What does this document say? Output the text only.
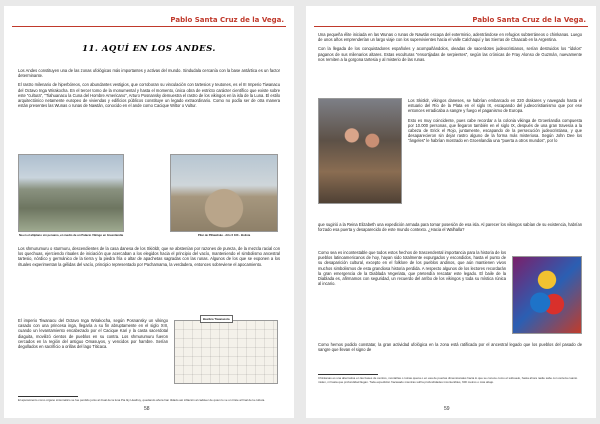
Pablo Santa Cruz de la Vega.
11. AQUÍ EN LOS ANDES.

Los Andes constituyen una de las zonas ufológicas más importantes y activas del mundo. Sindudala cercanía con la base antártica es un factor determinante.

El rastro milenario de hiperbóreos, con abundantes vestigios, que corroboran su vinculación con tartesios y teutones, es el III Imperio Tiwanacu del Octavo Inga Wirakocha. En el tercer tomo de la monumental y hasta el momento, única obra de estricto carácter científico que existe sobre este "cultura", "Tiahuanacu la Cuna del Hombre Americano", Arturo Posnansky demuestra el rastro de los vikingos en la isla de la Luna. El estilo arquitectónico netamente europeo de viviendas y edificios públicos constituye un legado extraordinario. Como no podía ser de otra manera están presentes las Wunas o runas de Nawtán, conocido en el ande como Cacique Wiltor o Vultur.

Na en el altiplano sin peruano, en medio de un Palacio Vikingo en Greenlandia	Pilar de Pillawilske - Año 6 163 - Bolivia

Los shmurumuru o sturmuru, descendientes de la casa danesa de los Skiöldr, que se abstenían por razones de pureza, de la mezcla racial con los quechuas, ejerciendo rituales de iniciación que acercaban a los elegidos hacia el principio del vacío, manteniendo el simbolismo ancestral tartesio, nórdico y germánico de la tierra y la piedra fría o altar de apachetas sagradas con las runas. Algunos de los que se exponen a los rituales experimentan la gélidas del vacío, principio representado por Pachamama, la verdadera, entonces sobreviene el apocamiento.

El imperio Tiwanacu del Octavo Inga Wirakocha, según Posnansky un vikingo casado con una princesa inga, llegaría a su fin abruptamente en el siglo XIII, cuando un levantamiento encabezado por el Cacique Kari y la casta sacerdotal diaguita, movilizó cientos de pueblos en su contra. Los shmurumuru fueron cercados en la región del antiguo Omasuyos, y vencidos por hambre. Serían degollados en sacrificio a orillas del lago Titicaca.

Basílica Tiwanacota
El apuramiento como órgano sintomático se fue perdido junto al ritual de la luna Pia Iky Huaihuy, quedando ahora han tildado así inflación al cadáver de quien lo ve un triste al final de la cultura.
58
Pablo Santa Cruz de la Vega.

Una pequeña élite iniciada en las Wunas o runas de Nawtán escapa del exterminio, adentrándose en refugios subterráneos o chinkanas. Luego de unos años emprenderían un largo viaje con los supervivientes hacia el valle Calchaquí y las Sierras de Chaacab en la Argentina.

Con la llegada de los conquistadores españoles y acompañándolos, oleadas de sacerdotes judeocristianos, serían destruidos los "ídolos" paganos de sus milenarios altares. Estas esculturas "ensortijadas de serpientes", según las crónicas de Fray Alonso de Guzmán, nuevamente nos remiten a la gorgona tartesia y al misterio de las runas.

Los Skiöldr, vikingos daneses, se habrían embarcado en 220 drakares y navegado hasta el estuario del Río de la Plata en el siglo IX, escapando del judeocristianismo que por ese entonces erradicaba a sangre y fuego el paganismo de Europa.

Esto es muy coincidente, pues cabe recordar a la colonia vikinga de Groenlandia compuesta por 10.000 personas, que llegaron también en el siglo IX, después de una gran travesía a la cabeza de Erick el Rojo, juntamente, escapando de la persecución judeocristiana, y que desaparecieron sin dejar rastro alguno de la forma más misteriosa. Según John Dee los "ángeles" le habrían mostrado en Groenlandia una "puerta a otros mundos", por lo

que sugirió a la Reina Elizabeth una expedición armada para tomar posesión de esa isla. Al parecer los vikingos sabían de su existencia, habrían forzado esa puerta y desaparecido de este mundo contexto. ¿Hacia el Walhalla?

Como sea es incontestable que todos estos hechos de trascendental importancia para la historia de los pueblos latinoamericanos de hoy, hayan sido totalmente expurgados y escondidos, hasta el punto de su desaparición cultural, excepto en el folklore de los pueblos andinos, que aún mantienen vivos muchos simbolismos de esta grandiosa historia perdida. A respecto algunos de los lectores recordarán la gran emergencia de la Diablada Vegeriata, que pretendía rescatar este legado. El baile de la Diablada es, afirmamos con seguridad, un recuerdo del arribo de los vikingos y toda su mística rúnica al incario.

Como hemos podido constatar, la gran actividad ufológica en la zona está ratificada por el ancestral legado que los pueblos del pasado de sangre que llevan el signo de

Chinkanas es una alternativa en las bases de centros, montañas o ruinas quena o en esa de puertas dimensionales hacia lo que se conoce como el subsuelo, hasta ahora nadie sabe con certeza cuanto miden, ni hasta que profundidad llegan. Toda expedición fracasado mientras sufría profundidades incontenibles, 600 metros o más abajo.
59
